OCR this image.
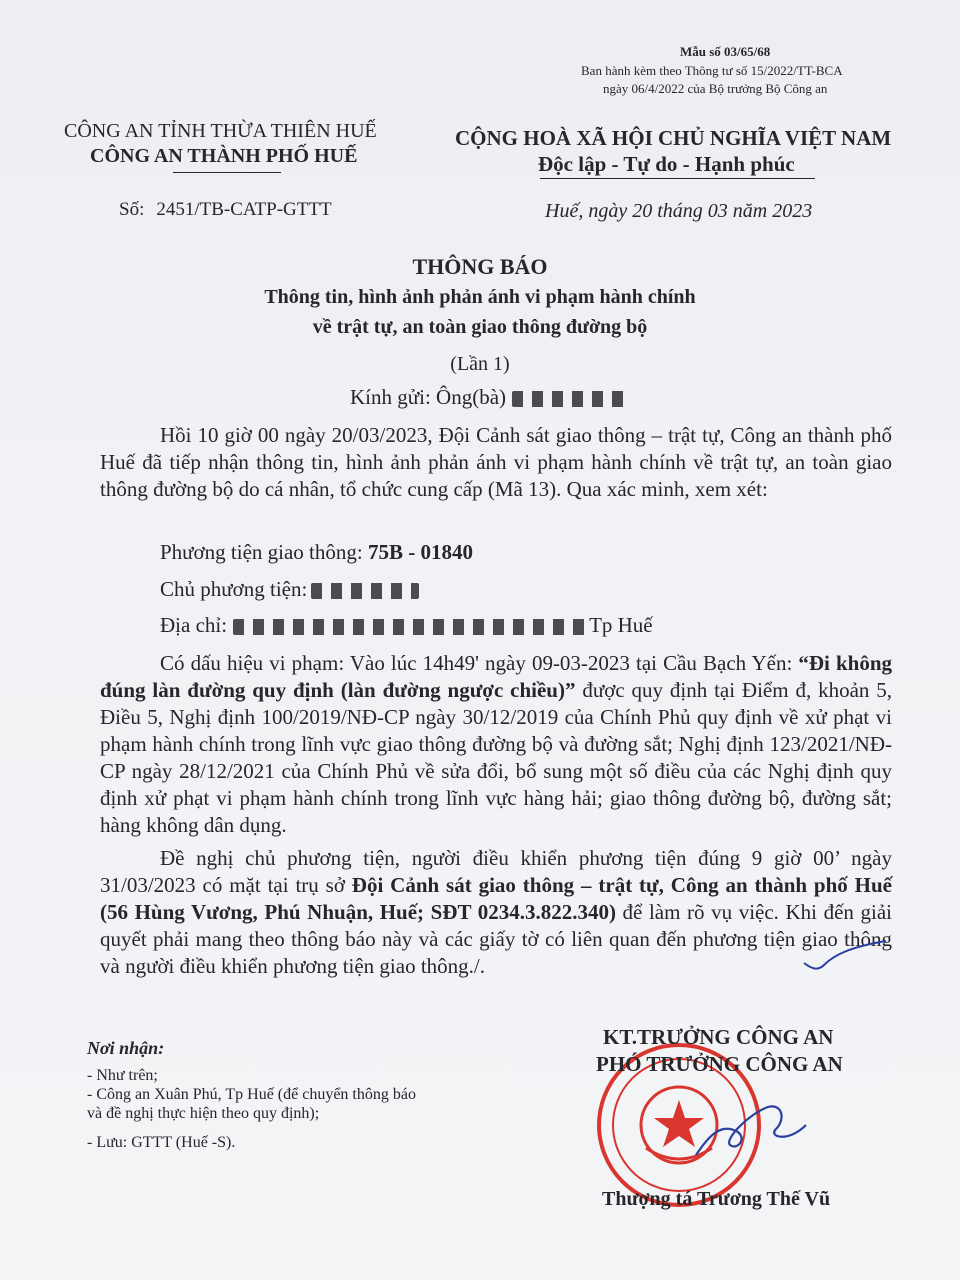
Mẫu số 03/65/68
Ban hành kèm theo Thông tư số 15/2022/TT-BCA
ngày 06/4/2022 của Bộ trưởng Bộ Công an
CÔNG AN TỈNH THỪA THIÊN HUẾ
CÔNG AN THÀNH PHỐ HUẾ
CỘNG HOÀ XÃ HỘI CHỦ NGHĨA VIỆT NAM
Độc lập - Tự do - Hạnh phúc
Số: 2451/TB-CATP-GTTT	Huế, ngày 20 tháng 03 năm 2023
THÔNG BÁO
Thông tin, hình ảnh phản ánh vi phạm hành chính
về trật tự, an toàn giao thông đường bộ
(Lần 1)
Kính gửi: Ông(bà)
Hồi 10 giờ 00 ngày 20/03/2023, Đội Cảnh sát giao thông – trật tự, Công an thành phố Huế đã tiếp nhận thông tin, hình ảnh phản ánh vi phạm hành chính về trật tự, an toàn giao thông đường bộ do cá nhân, tổ chức cung cấp (Mã 13). Qua xác minh, xem xét:
Phương tiện giao thông: 75B - 01840
Chủ phương tiện:
Địa chỉ:	Tp Huế
Có dấu hiệu vi phạm: Vào lúc 14h49' ngày 09-03-2023 tại Cầu Bạch Yến: “Đi không đúng làn đường quy định (làn đường ngược chiều)” được quy định tại Điểm đ, khoản 5, Điều 5, Nghị định 100/2019/NĐ-CP ngày 30/12/2019 của Chính Phủ quy định về xử phạt vi phạm hành chính trong lĩnh vực giao thông đường bộ và đường sắt; Nghị định 123/2021/NĐ-CP ngày 28/12/2021 của Chính Phủ về sửa đổi, bổ sung một số điều của các Nghị định quy định xử phạt vi phạm hành chính trong lĩnh vực hàng hải; giao thông đường bộ, đường sắt; hàng không dân dụng.
Đề nghị chủ phương tiện, người điều khiển phương tiện đúng 9 giờ 00’ ngày 31/03/2023 có mặt tại trụ sở Đội Cảnh sát giao thông – trật tự, Công an thành phố Huế (56 Hùng Vương, Phú Nhuận, Huế; SĐT 0234.3.822.340) để làm rõ vụ việc. Khi đến giải quyết phải mang theo thông báo này và các giấy tờ có liên quan đến phương tiện giao thông và người điều khiển phương tiện giao thông./.
Nơi nhận:
- Như trên;
- Công an Xuân Phú, Tp Huế (để chuyển thông báo
và đề nghị thực hiện theo quy định);
- Lưu: GTTT (Huế -S).
KT.TRƯỞNG CÔNG AN
PHÓ TRƯỞNG CÔNG AN
Thượng tá Trương Thế Vũ
